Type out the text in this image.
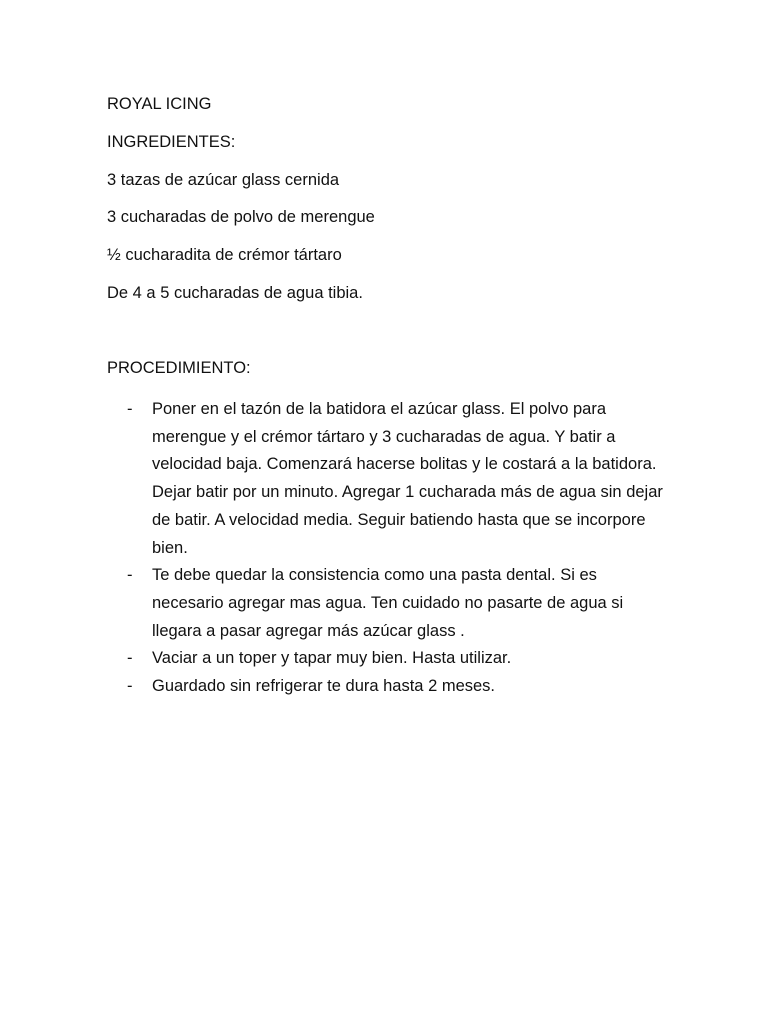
ROYAL ICING
INGREDIENTES:
3 tazas de azúcar glass cernida
3 cucharadas de polvo de merengue
½ cucharadita de crémor tártaro
De 4 a 5 cucharadas de agua tibia.
PROCEDIMIENTO:
- Poner en el tazón de la batidora el azúcar glass. El polvo para merengue y el crémor tártaro y 3 cucharadas de agua. Y batir a velocidad baja. Comenzará hacerse bolitas y le costará a la batidora. Dejar batir por un minuto. Agregar 1 cucharada más de agua sin dejar de batir. A velocidad media. Seguir batiendo hasta que se incorpore bien.
- Te debe quedar la consistencia como una pasta dental. Si es necesario agregar mas agua. Ten cuidado no pasarte de agua si llegara a pasar agregar más azúcar glass .
- Vaciar a un toper y tapar muy bien. Hasta utilizar.
- Guardado sin refrigerar te dura hasta 2 meses.
